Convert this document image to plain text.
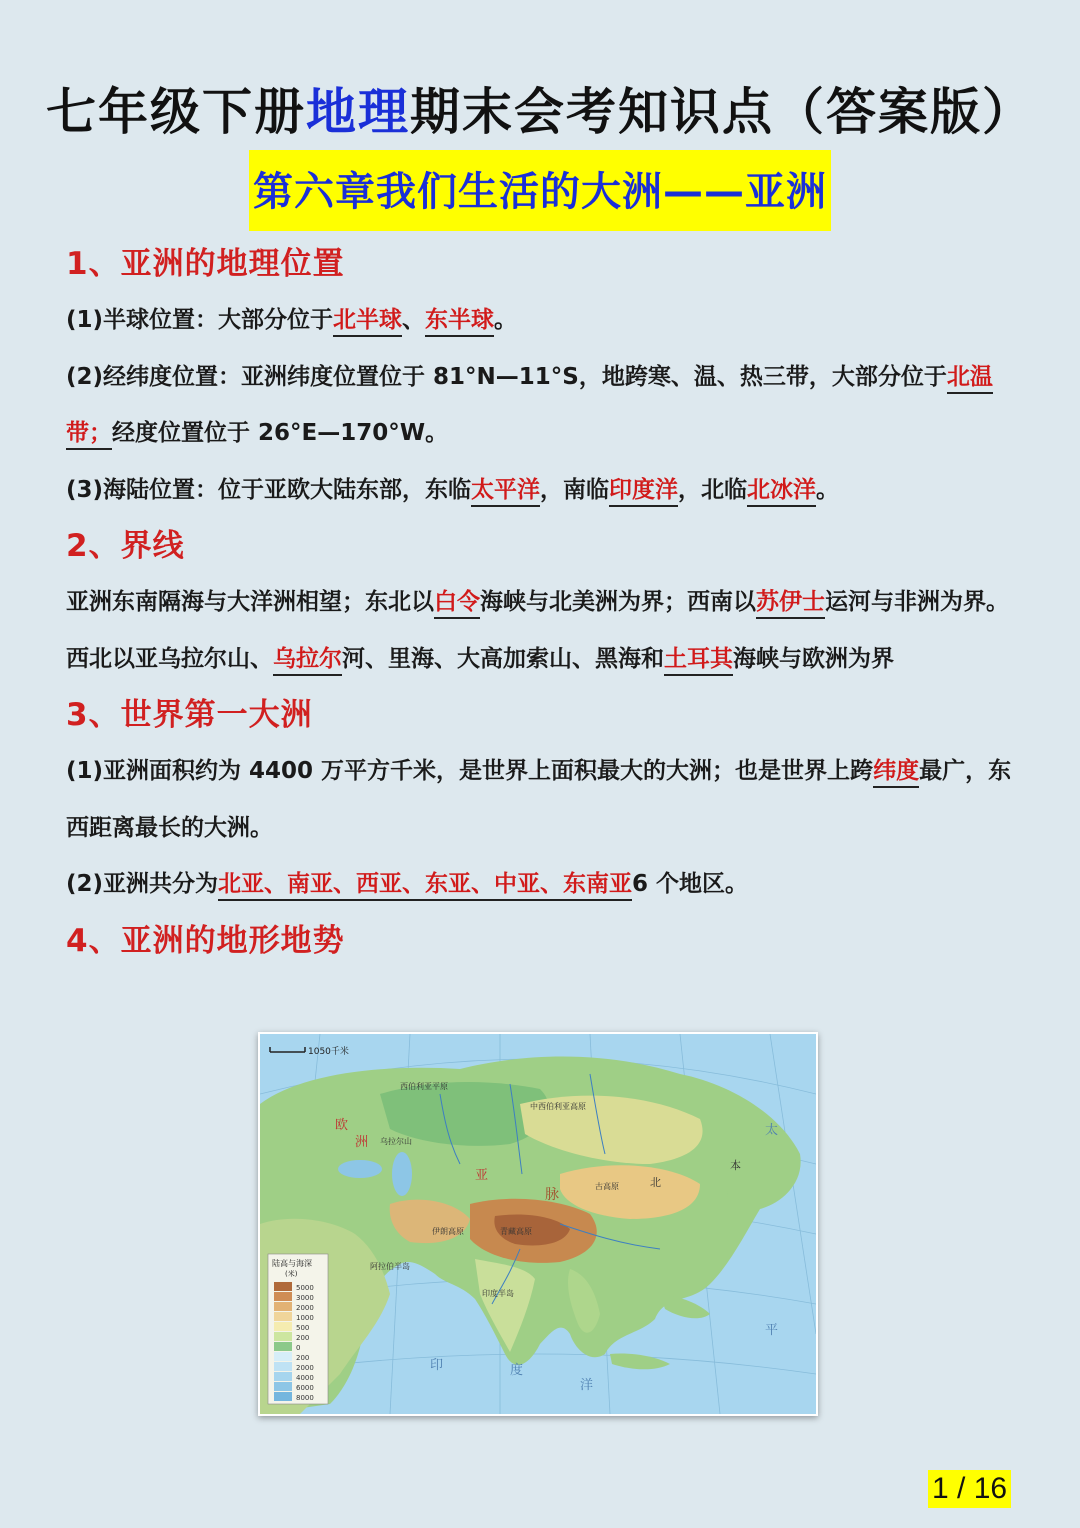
七年级下册地理期末会考知识点（答案版）
第六章我们生活的大洲——亚洲
1、亚洲的地理位置

(1)半球位置：大部分位于北半球、东半球。

(2)经纬度位置：亚洲纬度位置位于 81°N—11°S，地跨寒、温、热三带，大部分位于北温带；经度位置位于 26°E—170°W。

(3)海陆位置：位于亚欧大陆东部，东临太平洋，南临印度洋，北临北冰洋。

2、界线

亚洲东南隔海与大洋洲相望；东北以白令海峡与北美洲为界；西南以苏伊士运河与非洲为界。西北以亚乌拉尔山、乌拉尔河、里海、大高加索山、黑海和土耳其海峡与欧洲为界

3、世界第一大洲

(1)亚洲面积约为 4400 万平方千米，是世界上面积最大的大洲；也是世界上跨纬度最广，东西距离最长的大洲。

(2)亚洲共分为北亚、南亚、西亚、东亚、中亚、东南亚6 个地区。

4、亚洲的地形地势
1050千米
陆高与海深
(米)
5000
3000
2000
1000
500
200
0
200
2000
4000
6000
8000
西伯利亚平原
中西伯利亚高原
乌拉尔山
欧
洲
亚
古高原	北
伊朗高原
阿拉伯半岛
脉
青藏高原
印度半岛
太
平
本
印	度
洋
1 / 16
